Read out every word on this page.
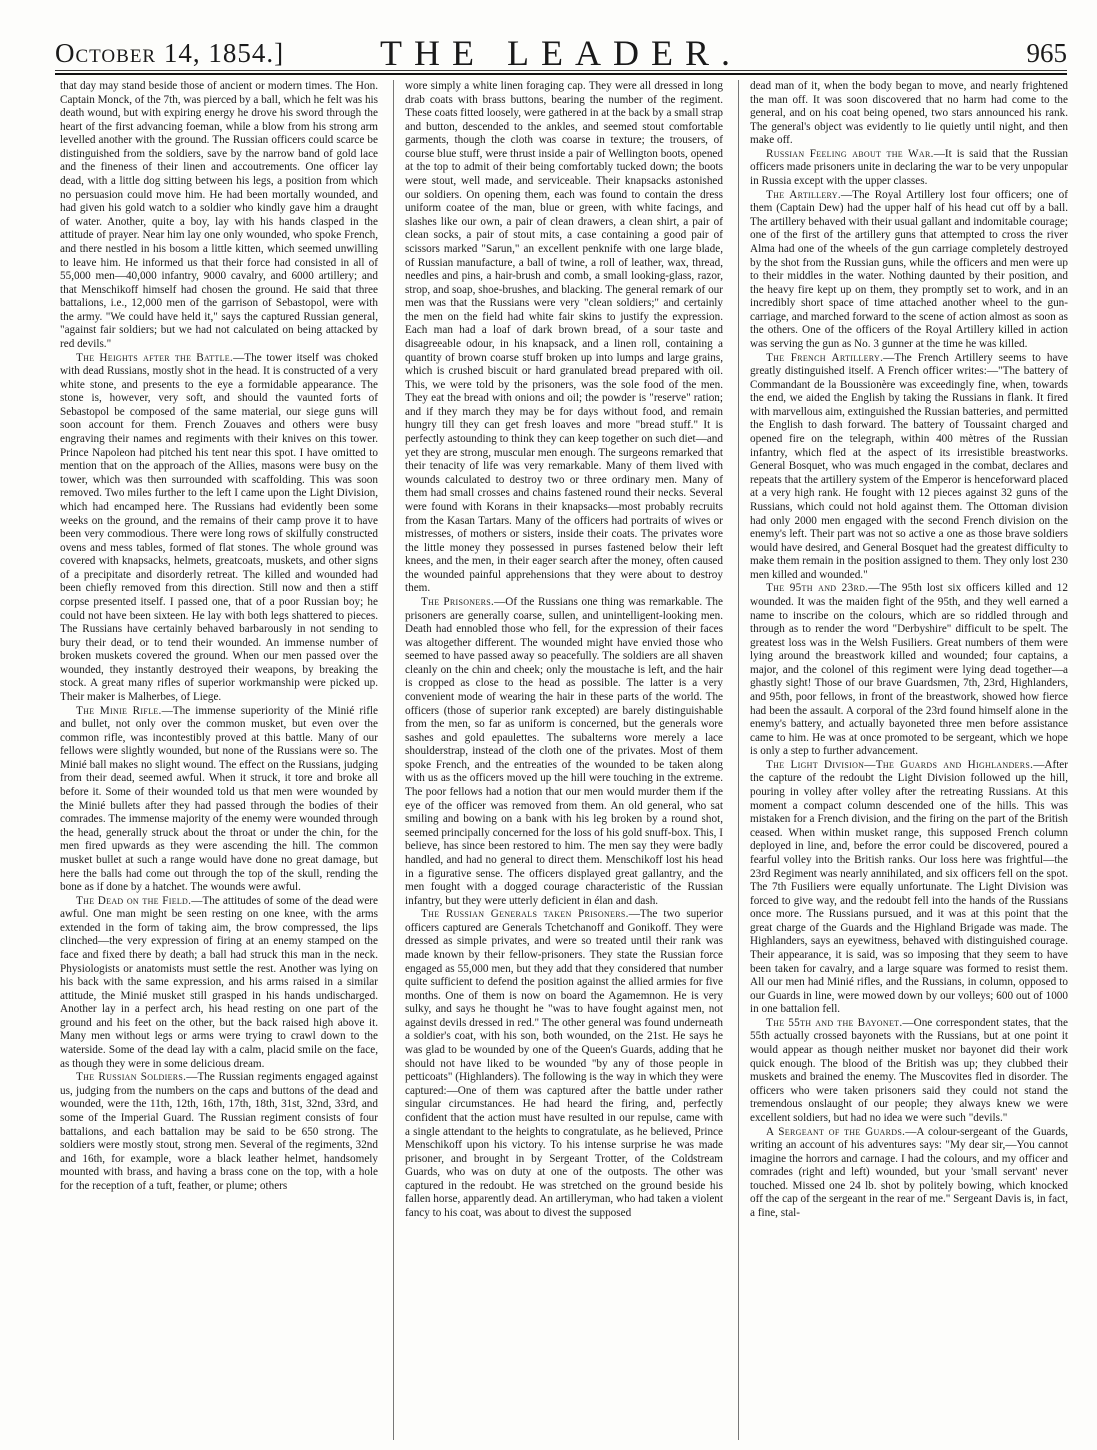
October 14, 1854.]	THE LEADER.	965

that day may stand beside those of ancient or modern times. The Hon. Captain Monck, of the 7th, was pierced by a ball, which he felt was his death wound, but with expiring energy he drove his sword through the heart of the first advancing foeman, while a blow from his strong arm levelled another with the ground. The Russian officers could scarce be distinguished from the soldiers, save by the narrow band of gold lace and the fineness of their linen and accoutrements. One officer lay dead, with a little dog sitting between his legs, a position from which no persuasion could move him. He had been mortally wounded, and had given his gold watch to a soldier who kindly gave him a draught of water. Another, quite a boy, lay with his hands clasped in the attitude of prayer. Near him lay one only wounded, who spoke French, and there nestled in his bosom a little kitten, which seemed unwilling to leave him. He informed us that their force had consisted in all of 55,000 men—40,000 infantry, 9000 cavalry, and 6000 artillery; and that Menschikoff himself had chosen the ground. He said that three battalions, i.e., 12,000 men of the garrison of Sebastopol, were with the army. "We could have held it," says the captured Russian general, "against fair soldiers; but we had not calculated on being attacked by red devils."

The Heights after the Battle.—The tower itself was choked with dead Russians, mostly shot in the head. It is constructed of a very white stone, and presents to the eye a formidable appearance. The stone is, however, very soft, and should the vaunted forts of Sebastopol be composed of the same material, our siege guns will soon account for them. French Zouaves and others were busy engraving their names and regiments with their knives on this tower. Prince Napoleon had pitched his tent near this spot. I have omitted to mention that on the approach of the Allies, masons were busy on the tower, which was then surrounded with scaffolding. This was soon removed. Two miles further to the left I came upon the Light Division, which had encamped here. The Russians had evidently been some weeks on the ground, and the remains of their camp prove it to have been very commodious. There were long rows of skilfully constructed ovens and mess tables, formed of flat stones. The whole ground was covered with knapsacks, helmets, greatcoats, muskets, and other signs of a precipitate and disorderly retreat. The killed and wounded had been chiefly removed from this direction. Still now and then a stiff corpse presented itself. I passed one, that of a poor Russian boy; he could not have been sixteen. He lay with both legs shattered to pieces. The Russians have certainly behaved barbarously in not sending to bury their dead, or to tend their wounded. An immense number of broken muskets covered the ground. When our men passed over the wounded, they instantly destroyed their weapons, by breaking the stock. A great many rifles of superior workmanship were picked up. Their maker is Malherbes, of Liege.

The Minie Rifle.—The immense superiority of the Minié rifle and bullet, not only over the common musket, but even over the common rifle, was incontestibly proved at this battle. Many of our fellows were slightly wounded, but none of the Russians were so. The Minié ball makes no slight wound. The effect on the Russians, judging from their dead, seemed awful. When it struck, it tore and broke all before it. Some of their wounded told us that men were wounded by the Minié bullets after they had passed through the bodies of their comrades. The immense majority of the enemy were wounded through the head, generally struck about the throat or under the chin, for the men fired upwards as they were ascending the hill. The common musket bullet at such a range would have done no great damage, but here the balls had come out through the top of the skull, rending the bone as if done by a hatchet. The wounds were awful.

The Dead on the Field.—The attitudes of some of the dead were awful. One man might be seen resting on one knee, with the arms extended in the form of taking aim, the brow compressed, the lips clinched—the very expression of firing at an enemy stamped on the face and fixed there by death; a ball had struck this man in the neck. Physiologists or anatomists must settle the rest. Another was lying on his back with the same expression, and his arms raised in a similar attitude, the Minié musket still grasped in his hands undischarged. Another lay in a perfect arch, his head resting on one part of the ground and his feet on the other, but the back raised high above it. Many men without legs or arms were trying to crawl down to the waterside. Some of the dead lay with a calm, placid smile on the face, as though they were in some delicious dream.

The Russian Soldiers.—The Russian regiments engaged against us, judging from the numbers on the caps and buttons of the dead and wounded, were the 11th, 12th, 16th, 17th, 18th, 31st, 32nd, 33rd, and some of the Imperial Guard. The Russian regiment consists of four battalions, and each battalion may be said to be 650 strong. The soldiers were mostly stout, strong men. Several of the regiments, 32nd and 16th, for example, wore a black leather helmet, handsomely mounted with brass, and having a brass cone on the top, with a hole for the reception of a tuft, feather, or plume; others

wore simply a white linen foraging cap. They were all dressed in long drab coats with brass buttons, bearing the number of the regiment. These coats fitted loosely, were gathered in at the back by a small strap and button, descended to the ankles, and seemed stout comfortable garments, though the cloth was coarse in texture; the trousers, of course blue stuff, were thrust inside a pair of Wellington boots, opened at the top to admit of their being comfortably tucked down; the boots were stout, well made, and serviceable. Their knapsacks astonished our soldiers. On opening them, each was found to contain the dress uniform coatee of the man, blue or green, with white facings, and slashes like our own, a pair of clean drawers, a clean shirt, a pair of clean socks, a pair of stout mits, a case containing a good pair of scissors marked "Sarun," an excellent penknife with one large blade, of Russian manufacture, a ball of twine, a roll of leather, wax, thread, needles and pins, a hair-brush and comb, a small looking-glass, razor, strop, and soap, shoe-brushes, and blacking. The general remark of our men was that the Russians were very "clean soldiers;" and certainly the men on the field had white fair skins to justify the expression. Each man had a loaf of dark brown bread, of a sour taste and disagreeable odour, in his knapsack, and a linen roll, containing a quantity of brown coarse stuff broken up into lumps and large grains, which is crushed biscuit or hard granulated bread prepared with oil. This, we were told by the prisoners, was the sole food of the men. They eat the bread with onions and oil; the powder is "reserve" ration; and if they march they may be for days without food, and remain hungry till they can get fresh loaves and more "bread stuff." It is perfectly astounding to think they can keep together on such diet—and yet they are strong, muscular men enough. The surgeons remarked that their tenacity of life was very remarkable. Many of them lived with wounds calculated to destroy two or three ordinary men. Many of them had small crosses and chains fastened round their necks. Several were found with Korans in their knapsacks—most probably recruits from the Kasan Tartars. Many of the officers had portraits of wives or mistresses, of mothers or sisters, inside their coats. The privates wore the little money they possessed in purses fastened below their left knees, and the men, in their eager search after the money, often caused the wounded painful apprehensions that they were about to destroy them.

The Prisoners.—Of the Russians one thing was remarkable. The prisoners are generally coarse, sullen, and unintelligent-looking men. Death had ennobled those who fell, for the expression of their faces was altogether different. The wounded might have envied those who seemed to have passed away so peacefully. The soldiers are all shaven cleanly on the chin and cheek; only the moustache is left, and the hair is cropped as close to the head as possible. The latter is a very convenient mode of wearing the hair in these parts of the world. The officers (those of superior rank excepted) are barely distinguishable from the men, so far as uniform is concerned, but the generals wore sashes and gold epaulettes. The subalterns wore merely a lace shoulderstrap, instead of the cloth one of the privates. Most of them spoke French, and the entreaties of the wounded to be taken along with us as the officers moved up the hill were touching in the extreme. The poor fellows had a notion that our men would murder them if the eye of the officer was removed from them. An old general, who sat smiling and bowing on a bank with his leg broken by a round shot, seemed principally concerned for the loss of his gold snuff-box. This, I believe, has since been restored to him. The men say they were badly handled, and had no general to direct them. Menschikoff lost his head in a figurative sense. The officers displayed great gallantry, and the men fought with a dogged courage characteristic of the Russian infantry, but they were utterly deficient in élan and dash.

The Russian Generals taken Prisoners.—The two superior officers captured are Generals Tchetchanoff and Gonikoff. They were dressed as simple privates, and were so treated until their rank was made known by their fellow-prisoners. They state the Russian force engaged as 55,000 men, but they add that they considered that number quite sufficient to defend the position against the allied armies for five months. One of them is now on board the Agamemnon. He is very sulky, and says he thought he "was to have fought against men, not against devils dressed in red." The other general was found underneath a soldier's coat, with his son, both wounded, on the 21st. He says he was glad to be wounded by one of the Queen's Guards, adding that he should not have liked to be wounded "by any of those people in petticoats" (Highlanders). The following is the way in which they were captured:—One of them was captured after the battle under rather singular circumstances. He had heard the firing, and, perfectly confident that the action must have resulted in our repulse, came with a single attendant to the heights to congratulate, as he believed, Prince Menschikoff upon his victory. To his intense surprise he was made prisoner, and brought in by Sergeant Trotter, of the Coldstream Guards, who was on duty at one of the outposts. The other was captured in the redoubt. He was stretched on the ground beside his fallen horse, apparently dead. An artilleryman, who had taken a violent fancy to his coat, was about to divest the supposed

dead man of it, when the body began to move, and nearly frightened the man off. It was soon discovered that no harm had come to the general, and on his coat being opened, two stars announced his rank. The general's object was evidently to lie quietly until night, and then make off.

Russian Feeling about the War.—It is said that the Russian officers made prisoners unite in declaring the war to be very unpopular in Russia except with the upper classes.

The Artillery.—The Royal Artillery lost four officers; one of them (Captain Dew) had the upper half of his head cut off by a ball. The artillery behaved with their usual gallant and indomitable courage; one of the first of the artillery guns that attempted to cross the river Alma had one of the wheels of the gun carriage completely destroyed by the shot from the Russian guns, while the officers and men were up to their middles in the water. Nothing daunted by their position, and the heavy fire kept up on them, they promptly set to work, and in an incredibly short space of time attached another wheel to the gun-carriage, and marched forward to the scene of action almost as soon as the others. One of the officers of the Royal Artillery killed in action was serving the gun as No. 3 gunner at the time he was killed.

The French Artillery.—The French Artillery seems to have greatly distinguished itself. A French officer writes:—"The battery of Commandant de la Boussionère was exceedingly fine, when, towards the end, we aided the English by taking the Russians in flank. It fired with marvellous aim, extinguished the Russian batteries, and permitted the English to dash forward. The battery of Toussaint charged and opened fire on the telegraph, within 400 mètres of the Russian infantry, which fled at the aspect of its irresistible breastworks. General Bosquet, who was much engaged in the combat, declares and repeats that the artillery system of the Emperor is henceforward placed at a very high rank. He fought with 12 pieces against 32 guns of the Russians, which could not hold against them. The Ottoman division had only 2000 men engaged with the second French division on the enemy's left. Their part was not so active a one as those brave soldiers would have desired, and General Bosquet had the greatest difficulty to make them remain in the position assigned to them. They only lost 230 men killed and wounded."

The 95th and 23rd.—The 95th lost six officers killed and 12 wounded. It was the maiden fight of the 95th, and they well earned a name to inscribe on the colours, which are so riddled through and through as to render the word "Derbyshire" difficult to be spelt. The greatest loss was in the Welsh Fusiliers. Great numbers of them were lying around the breastwork killed and wounded; four captains, a major, and the colonel of this regiment were lying dead together—a ghastly sight! Those of our brave Guardsmen, 7th, 23rd, Highlanders, and 95th, poor fellows, in front of the breastwork, showed how fierce had been the assault. A corporal of the 23rd found himself alone in the enemy's battery, and actually bayoneted three men before assistance came to him. He was at once promoted to be sergeant, which we hope is only a step to further advancement.

The Light Division—The Guards and Highlanders.—After the capture of the redoubt the Light Division followed up the hill, pouring in volley after volley after the retreating Russians. At this moment a compact column descended one of the hills. This was mistaken for a French division, and the firing on the part of the British ceased. When within musket range, this supposed French column deployed in line, and, before the error could be discovered, poured a fearful volley into the British ranks. Our loss here was frightful—the 23rd Regiment was nearly annihilated, and six officers fell on the spot. The 7th Fusiliers were equally unfortunate. The Light Division was forced to give way, and the redoubt fell into the hands of the Russians once more. The Russians pursued, and it was at this point that the great charge of the Guards and the Highland Brigade was made. The Highlanders, says an eyewitness, behaved with distinguished courage. Their appearance, it is said, was so imposing that they seem to have been taken for cavalry, and a large square was formed to resist them. All our men had Minié rifles, and the Russians, in column, opposed to our Guards in line, were mowed down by our volleys; 600 out of 1000 in one battalion fell.

The 55th and the Bayonet.—One correspondent states, that the 55th actually crossed bayonets with the Russians, but at one point it would appear as though neither musket nor bayonet did their work quick enough. The blood of the British was up; they clubbed their muskets and brained the enemy. The Muscovites fled in disorder. The officers who were taken prisoners said they could not stand the tremendous onslaught of our people; they always knew we were excellent soldiers, but had no idea we were such "devils."

A Sergeant of the Guards.—A colour-sergeant of the Guards, writing an account of his adventures says: "My dear sir,—You cannot imagine the horrors and carnage. I had the colours, and my officer and comrades (right and left) wounded, but your 'small servant' never touched. Missed one 24 lb. shot by politely bowing, which knocked off the cap of the sergeant in the rear of me." Sergeant Davis is, in fact, a fine, stal-
